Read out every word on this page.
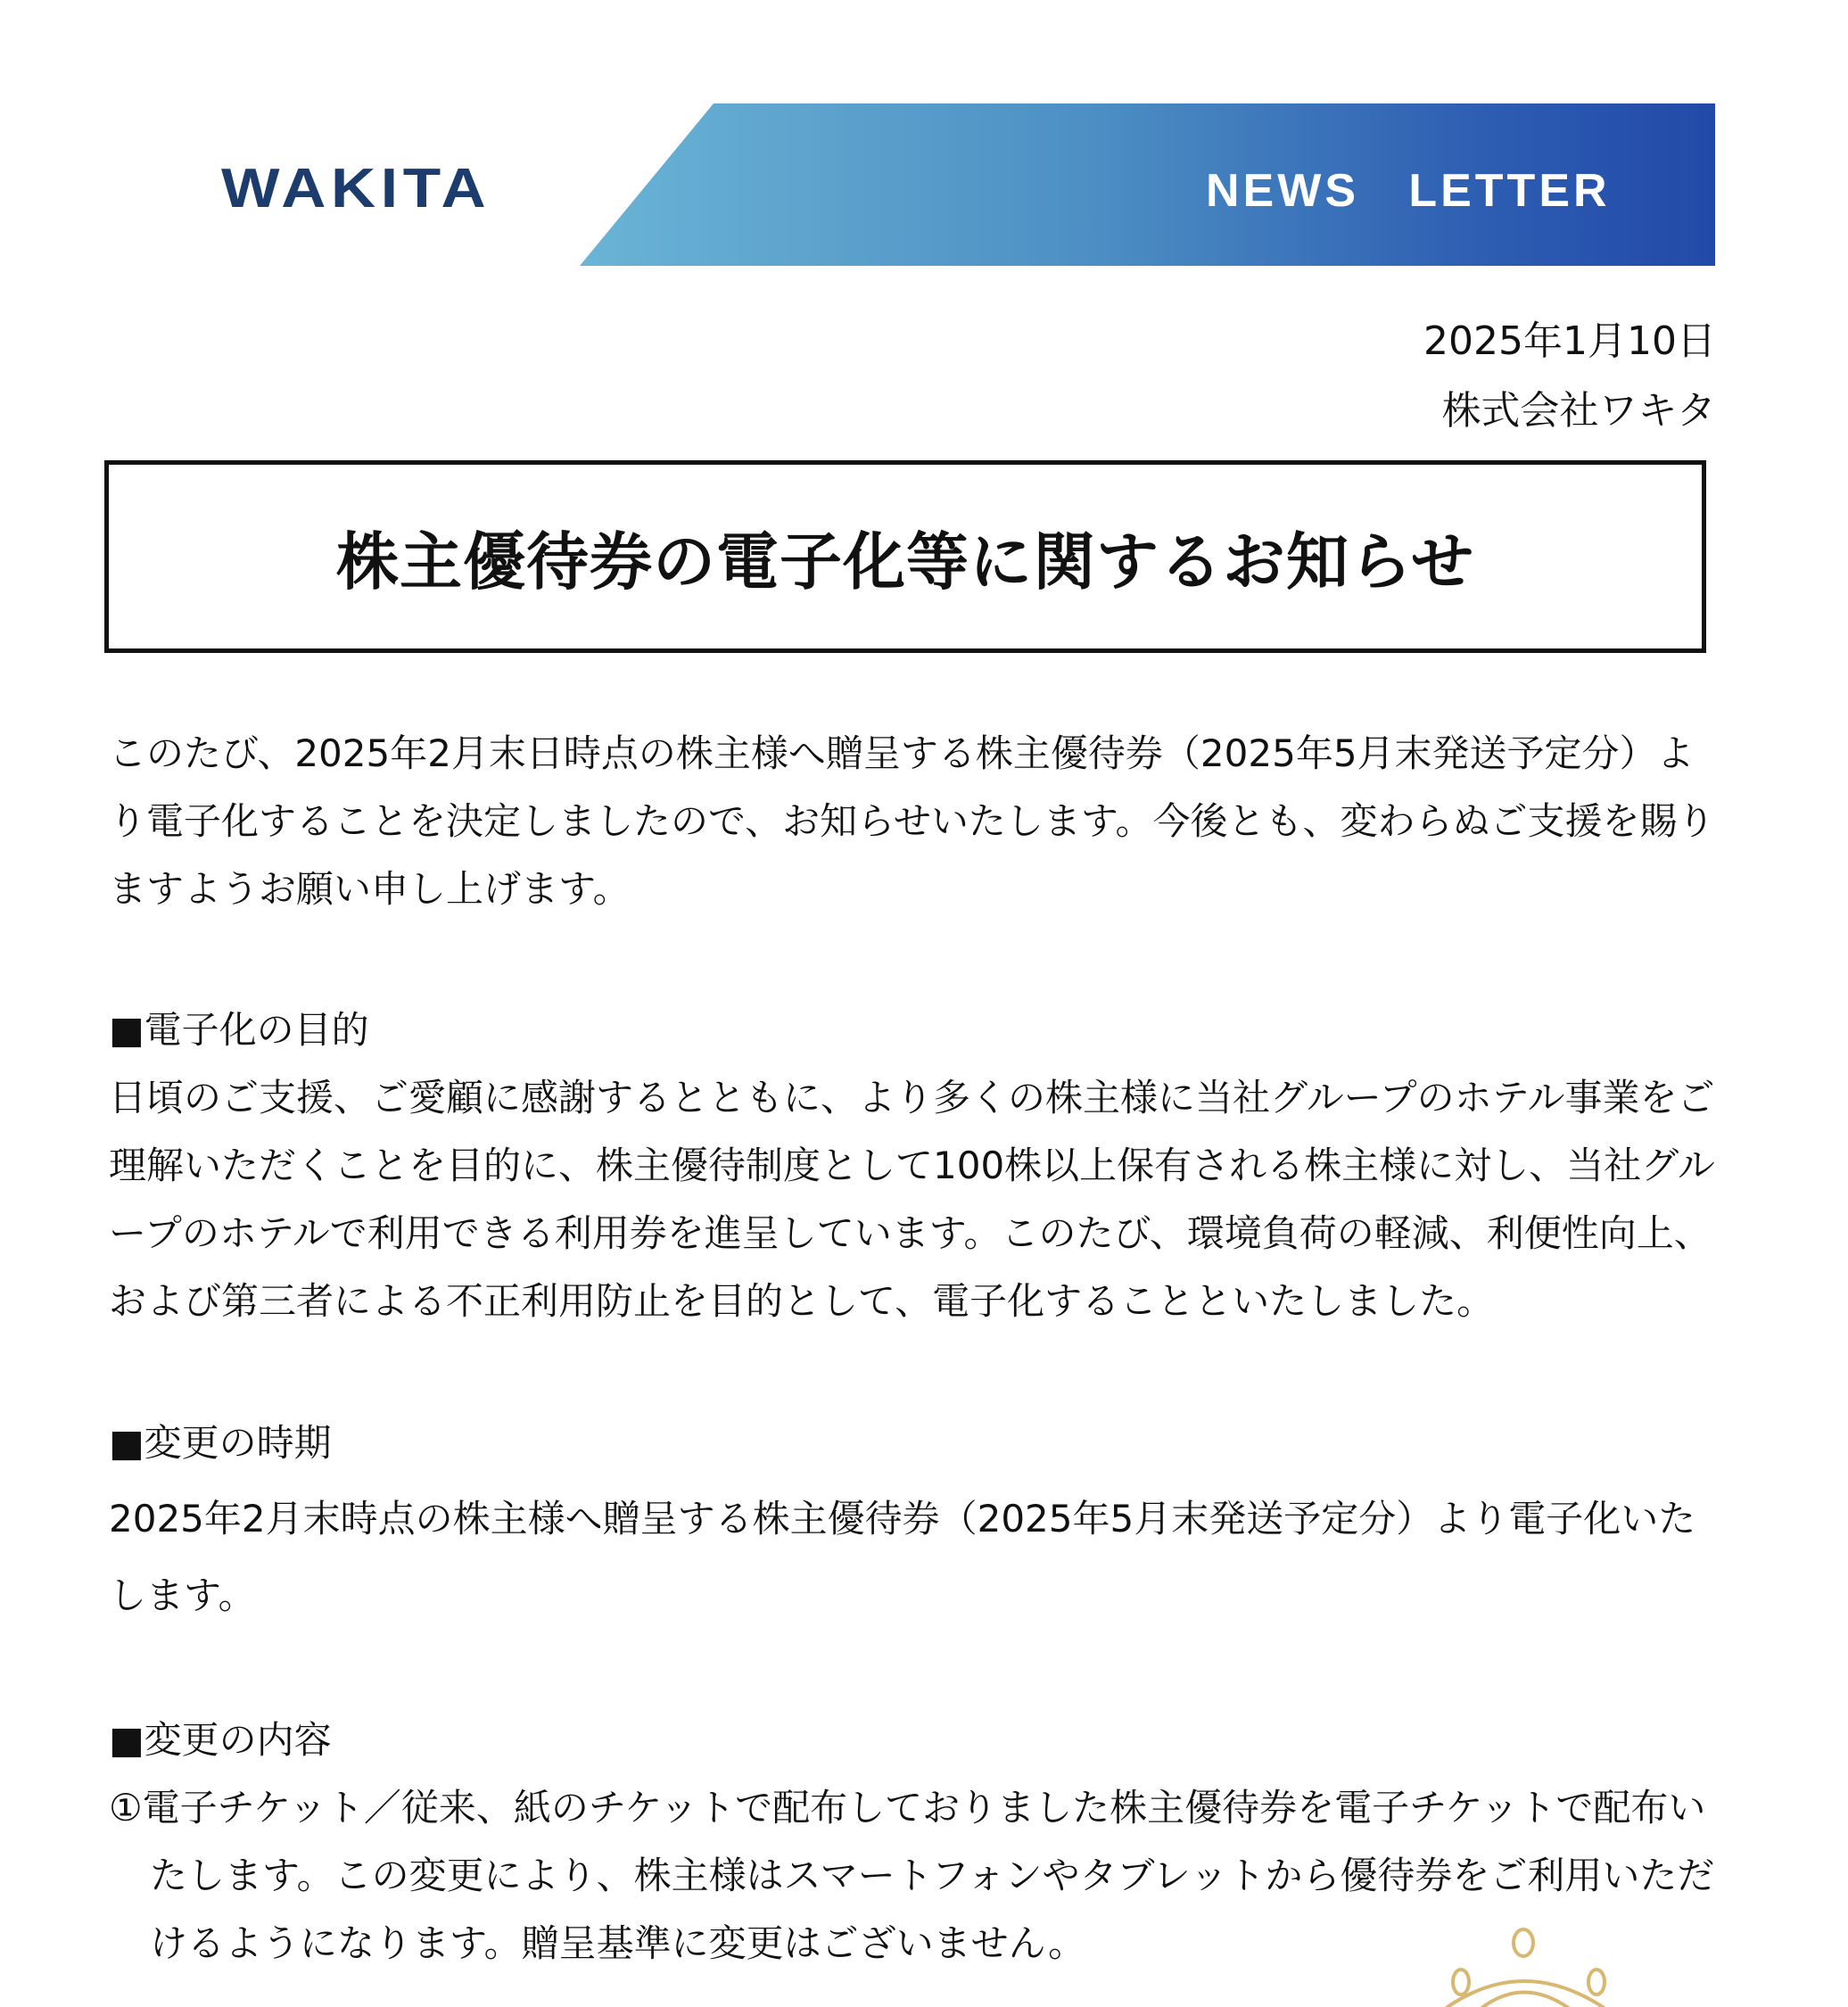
WAKITA	NEWS   LETTER
2025年1月10日
株式会社ワキタ
株主優待券の電子化等に関するお知らせ

このたび、2025年2月末日時点の株主様へ贈呈する株主優待券（2025年5月末発送予定分）より電子化することを決定しましたので、お知らせいたします。今後とも、変わらぬご支援を賜りますようお願い申し上げます。

■電子化の目的

日頃のご支援、ご愛顧に感謝するとともに、より多くの株主様に当社グループのホテル事業をご理解いただくことを目的に、株主優待制度として100株以上保有される株主様に対し、当社グループのホテルで利用できる利用券を進呈しています。このたび、環境負荷の軽減、利便性向上、および第三者による不正利用防止を目的として、電子化することといたしました。

■変更の時期

2025年2月末時点の株主様へ贈呈する株主優待券（2025年5月末発送予定分）より電子化いたします。

■変更の内容

①電子チケット／従来、紙のチケットで配布しておりました株主優待券を電子チケットで配布いたします。この変更により、株主様はスマートフォンやタブレットから優待券をご利用いただけるようになります。贈呈基準に変更はございません。
